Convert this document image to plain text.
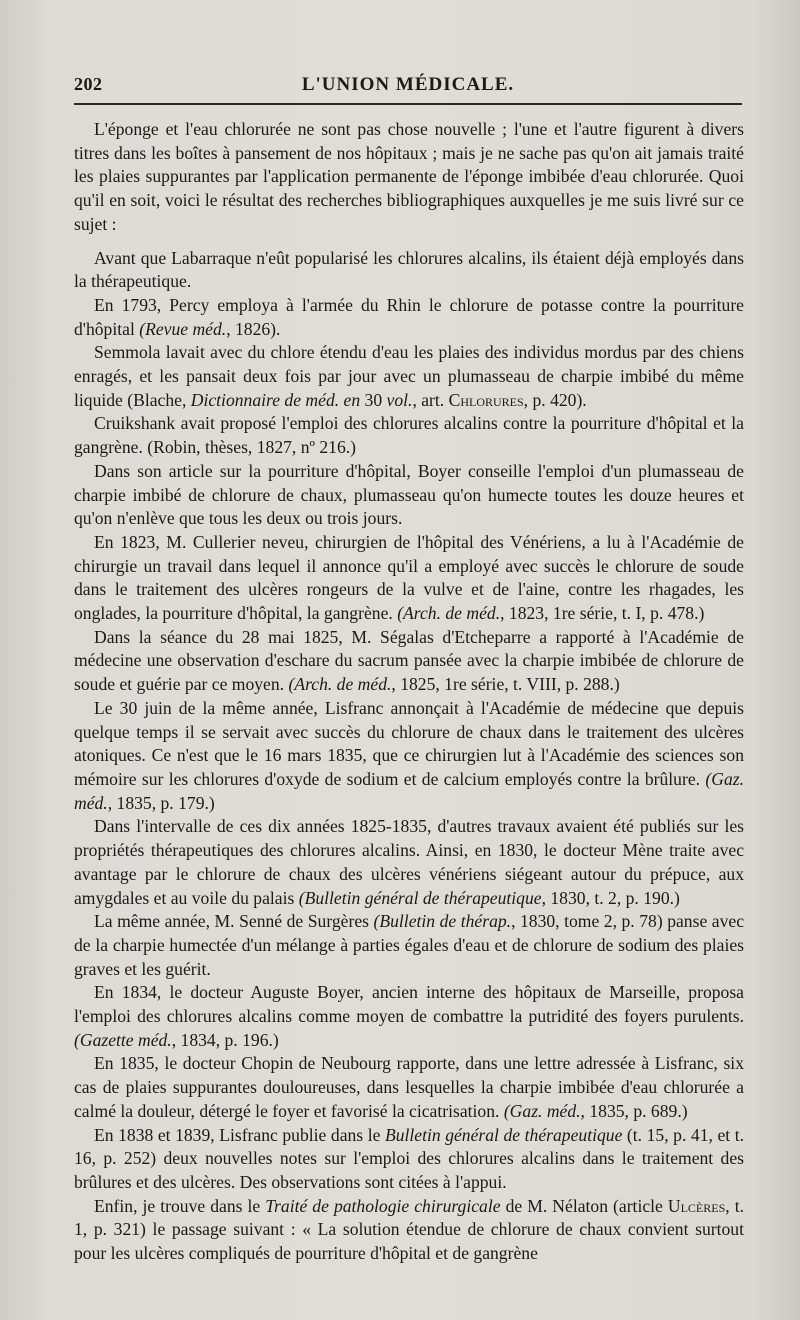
202	L'UNION MÉDICALE.

L'éponge et l'eau chlorurée ne sont pas chose nouvelle ; l'une et l'autre figurent à divers titres dans les boîtes à pansement de nos hôpitaux ; mais je ne sache pas qu'on ait jamais traité les plaies suppurantes par l'application permanente de l'éponge imbibée d'eau chlorurée. Quoi qu'il en soit, voici le résultat des recherches bibliographiques auxquelles je me suis livré sur ce sujet :

Avant que Labarraque n'eût popularisé les chlorures alcalins, ils étaient déjà employés dans la thérapeutique.

En 1793, Percy employa à l'armée du Rhin le chlorure de potasse contre la pourriture d'hôpital (Revue méd., 1826).

Semmola lavait avec du chlore étendu d'eau les plaies des individus mordus par des chiens enragés, et les pansait deux fois par jour avec un plumasseau de charpie imbibé du même liquide (Blache, Dictionnaire de méd. en 30 vol., art. Chlorures, p. 420).

Cruikshank avait proposé l'emploi des chlorures alcalins contre la pourriture d'hôpital et la gangrène. (Robin, thèses, 1827, nº 216.)

Dans son article sur la pourriture d'hôpital, Boyer conseille l'emploi d'un plumasseau de charpie imbibé de chlorure de chaux, plumasseau qu'on humecte toutes les douze heures et qu'on n'enlève que tous les deux ou trois jours.

En 1823, M. Cullerier neveu, chirurgien de l'hôpital des Vénériens, a lu à l'Académie de chirurgie un travail dans lequel il annonce qu'il a employé avec succès le chlorure de soude dans le traitement des ulcères rongeurs de la vulve et de l'aine, contre les rhagades, les onglades, la pourriture d'hôpital, la gangrène. (Arch. de méd., 1823, 1re série, t. I, p. 478.)

Dans la séance du 28 mai 1825, M. Ségalas d'Etcheparre a rapporté à l'Académie de médecine une observation d'eschare du sacrum pansée avec la charpie imbibée de chlorure de soude et guérie par ce moyen. (Arch. de méd., 1825, 1re série, t. VIII, p. 288.)

Le 30 juin de la même année, Lisfranc annonçait à l'Académie de médecine que depuis quelque temps il se servait avec succès du chlorure de chaux dans le traitement des ulcères atoniques. Ce n'est que le 16 mars 1835, que ce chirurgien lut à l'Académie des sciences son mémoire sur les chlorures d'oxyde de sodium et de calcium employés contre la brûlure. (Gaz. méd., 1835, p. 179.)

Dans l'intervalle de ces dix années 1825-1835, d'autres travaux avaient été publiés sur les propriétés thérapeutiques des chlorures alcalins. Ainsi, en 1830, le docteur Mène traite avec avantage par le chlorure de chaux des ulcères vénériens siégeant autour du prépuce, aux amygdales et au voile du palais (Bulletin général de thérapeutique, 1830, t. 2, p. 190.)

La même année, M. Senné de Surgères (Bulletin de thérap., 1830, tome 2, p. 78) panse avec de la charpie humectée d'un mélange à parties égales d'eau et de chlorure de sodium des plaies graves et les guérit.

En 1834, le docteur Auguste Boyer, ancien interne des hôpitaux de Marseille, proposa l'emploi des chlorures alcalins comme moyen de combattre la putridité des foyers purulents. (Gazette méd., 1834, p. 196.)

En 1835, le docteur Chopin de Neubourg rapporte, dans une lettre adressée à Lisfranc, six cas de plaies suppurantes douloureuses, dans lesquelles la charpie imbibée d'eau chlorurée a calmé la douleur, détergé le foyer et favorisé la cicatrisation. (Gaz. méd., 1835, p. 689.)

En 1838 et 1839, Lisfranc publie dans le Bulletin général de thérapeutique (t. 15, p. 41, et t. 16, p. 252) deux nouvelles notes sur l'emploi des chlorures alcalins dans le traitement des brûlures et des ulcères. Des observations sont citées à l'appui.

Enfin, je trouve dans le Traité de pathologie chirurgicale de M. Nélaton (article Ulcères, t. 1, p. 321) le passage suivant : « La solution étendue de chlorure de chaux convient surtout pour les ulcères compliqués de pourriture d'hôpital et de gangrène
